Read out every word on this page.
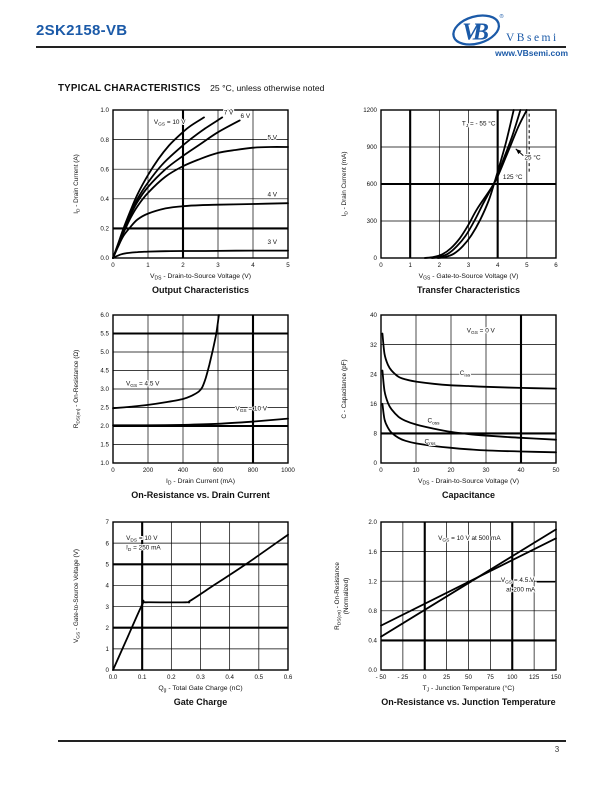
2SK2158-VB	VB
®
VBsemi
www.VBsemi.com
TYPICAL CHARACTERISTICS 25 °C, unless otherwise noted
0	1	2	3	4	5
0.0
0.2
0.4
0.6
0.8
1.0
$V_{GS} = 10$ V
7 V 6 V
5 V
4 V
3 V
$I_D$ - Drain Current (A)
$V_{DS}$ - Drain-to-Source Voltage (V)
Output Characteristics
0	1	2	3	4	5	6
0
300
600
900
1200
$T_J$ = - 55 °C
25 °C
125 °C
$I_D$ - Drain Current (mA)
$V_{GS}$ - Gate-to-Source Voltage (V)
Transfer Characteristics
0	200	400	600	800	1000
1.0
1.5
2.0
2.5
3.0
4.5
5.0
5.5
6.0
$V_{GS} = 4.5$ V
$V_{GS} = 10$ V
$R_{DS(on)}$ - On-Resistance (Ω)
$I_D$ - Drain Current (mA)
On-Resistance vs. Drain Current
0	10	20	30	40	50
0
8
16
24
32
40
$V_{GS} = 0$ V
$C_{iss}$
$C_{oss}$
$C_{rss}$
C - Capacitance (pF)
$V_{DS}$ - Drain-to-Source Voltage (V)
Capacitance
0.0	0.1	0.2	0.3	0.4	0.5	0.6
0
1
2
3
4
5
6
7
$V_{DS} = 10$ V
$I_D = 250$ mA
$V_{GS}$ - Gate-to-Source Voltage (V)
$Q_g$ - Total Gate Charge (nC)
Gate Charge
- 50 - 25 0	25 50 75 100 125 150
0.0
0.4
0.8
1.2
1.6
2.0
$V_{GS} = 10$ V at 500 mA
$V_{GS} = 4.5$ V
at 200 mA
$R_{DS(on)}$ - On-Resistance (Normalized)
$T_J$ - Junction Temperature (°C)
On-Resistance vs. Junction Temperature
3
